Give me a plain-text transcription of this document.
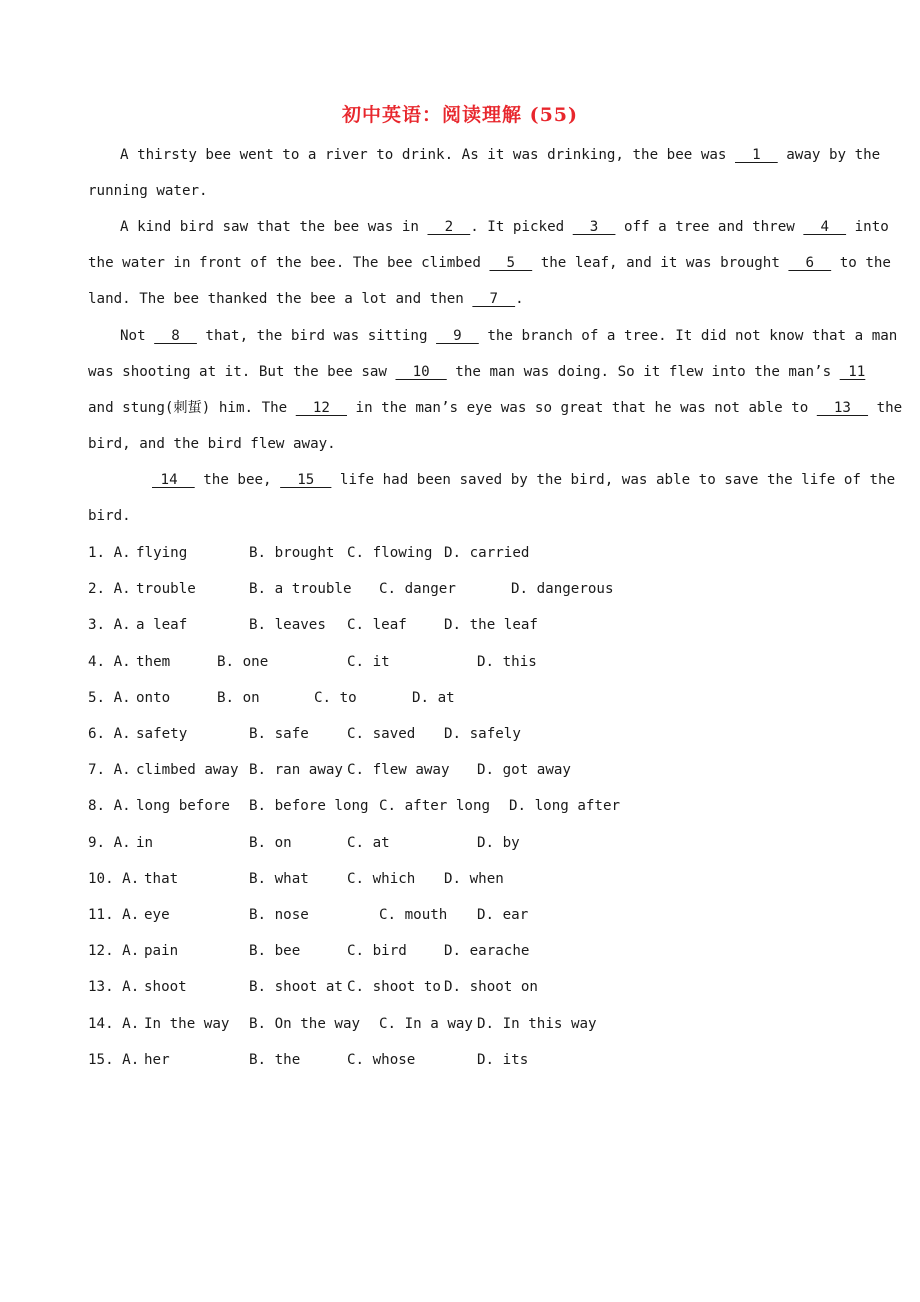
初中英语：阅读理解 (55)
A thirsty bee went to a river to drink. As it was drinking, the bee was   1   away by the
running water.
A kind bird saw that the bee was in   2  . It picked   3   off a tree and threw   4   into
the water in front of the bee. The bee climbed   5   the leaf, and it was brought   6   to the
land. The bee thanked the bee a lot and then   7  .
Not   8   that, the bird was sitting   9   the branch of a tree. It did not know that a man
was shooting at it. But the bee saw   10   the man was doing. So it flew into the man’s  11
and stung(刺蜇) him. The   12   in the man’s eye was so great that he was not able to   13   the
bird, and the bird flew away.
14   the bee,   15   life had been saved by the bird, was able to save the life of the
bird.
1. A. flying	B. brought C. flowing D. carried
2. A. trouble	B. a trouble C. danger	D. dangerous
3. A. a leaf	B. leaves C. leaf	D. the leaf
4. A. them	B. one	C. it	D. this
5. A. onto	B. on	C. to	D. at
6. A. safety	B. safe	C. saved D. safely
7. A. climbed away B. ran away C. flew away D. got away
8. A. long before B. before long C. after long D. long after
9. A. in	B. on	C. at	D. by
10. A. that	B. what	C. which D. when
11. A. eye	B. nose	C. mouth D. ear
12. A. pain	B. bee	C. bird	D. earache
13. A. shoot	B. shoot at C. shoot to D. shoot on
14. A. In the way B. On the way C. In a way D. In this way
15. A. her	B. the	C. whose	D. its
